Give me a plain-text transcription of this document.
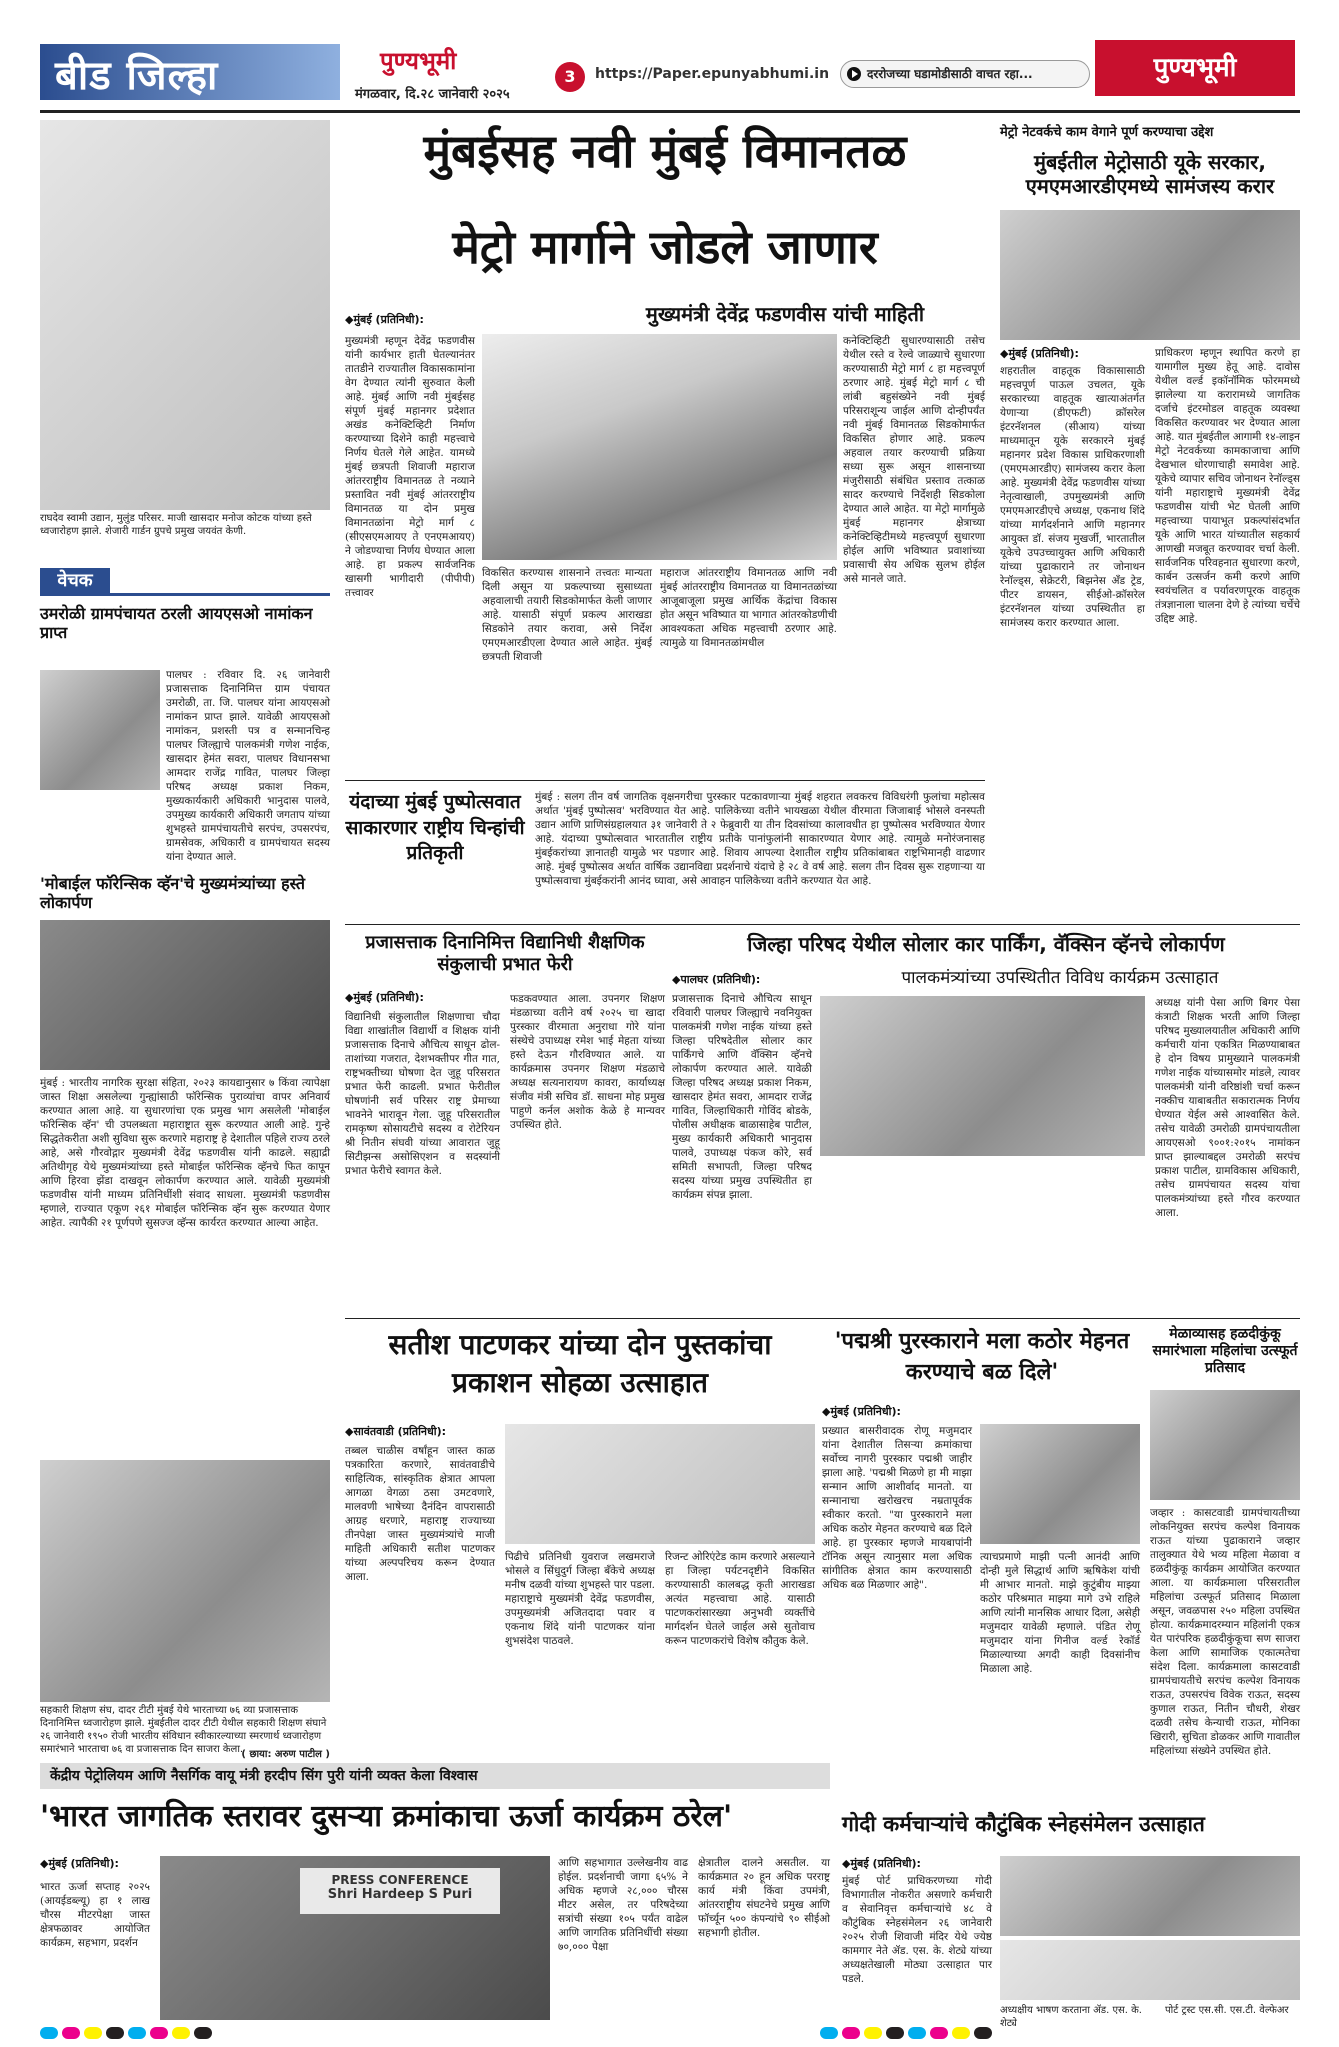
बीड जिल्हा	पुण्यभूमी
मंगळवार, दि.२८ जानेवारी २०२५
3	https://Paper.epunyabhumi.in	दररोजच्या घडामोडीसाठी वाचत रहा...	पुण्यभूमी
राघदेव स्वामी उद्यान, मुलुंड परिसर. माजी खासदार मनोज कोटक यांच्या हस्ते ध्वजारोहण झाले. शेजारी गार्डन ग्रुपचे प्रमुख जयवंत केणी.
वेचक
उमरोळी ग्रामपंचायत ठरली आयएसओ नामांकन प्राप्त
पालघर : रविवार दि. २६ जानेवारी प्रजासत्ताक दिनानिमित्त ग्राम पंचायत उमरोळी, ता. जि. पालघर यांना आयएसओ नामांकन प्राप्त झाले. यावेळी आयएसओ नामांकन, प्रशस्ती पत्र व सन्मानचिन्ह पालघर जिल्ह्याचे पालकमंत्री गणेश नाईक, खासदार हेमंत सवरा, पालघर विधानसभा आमदार राजेंद्र गावित, पालघर जिल्हा परिषद अध्यक्ष प्रकाश निकम, मुख्यकार्यकारी अधिकारी भानुदास पालवे, उपमुख्य कार्यकारी अधिकारी जगताप यांच्या शुभहस्ते ग्रामपंचायतीचे सरपंच, उपसरपंच, ग्रामसेवक, अधिकारी व ग्रामपंचायत सदस्य यांना देण्यात आले.
'मोबाईल फॉरेन्सिक व्हॅन'चे मुख्यमंत्र्यांच्या हस्ते लोकार्पण
मुंबई : भारतीय नागरिक सुरक्षा संहिता, २०२३ कायद्यानुसार ७ किंवा त्यापेक्षा जास्त शिक्षा असलेल्या गुन्ह्यांसाठी फॉरेन्सिक पुराव्यांचा वापर अनिवार्य करण्यात आला आहे. या सुधारणांचा एक प्रमुख भाग असलेली 'मोबाईल फॉरेन्सिक व्हॅन' ची उपलब्धता महाराष्ट्रात सुरू करण्यात आली आहे. गुन्हे सिद्धतेकरीता अशी सुविधा सुरू करणारे महाराष्ट्र हे देशातील पहिले राज्य ठरले आहे, असे गौरवोद्गार मुख्यमंत्री देवेंद्र फडणवीस यांनी काढले. सह्याद्री अतिथीगृह येथे मुख्यमंत्र्यांच्या हस्ते मोबाईल फॉरेन्सिक व्हॅनचे फित कापून आणि हिरवा झेंडा दाखवून लोकार्पण करण्यात आले. यावेळी मुख्यमंत्री फडणवीस यांनी माध्यम प्रतिनिधींशी संवाद साधला. मुख्यमंत्री फडणवीस म्हणाले, राज्यात एकूण २६१ मोबाईल फॉरेन्सिक व्हॅन सुरू करण्यात येणार आहेत. त्यापैकी २१ पूर्णपणे सुसज्ज व्हॅन्स कार्यरत करण्यात आल्या आहेत.
सहकारी शिक्षण संघ, दादर टीटी मुंबई येथे भारताच्या ७६ व्या प्रजासत्ताक दिनानिमित्त ध्वजारोहण झाले. मुंबईतील दादर टीटी येथील सहकारी शिक्षण संघाने २६ जानेवारी १९५० रोजी भारतीय संविधान स्वीकारल्याच्या स्मरणार्थ ध्वजारोहण समारंभाने भारताचा ७६ वा प्रजासत्ताक दिन साजरा केला.
( छाया: अरुण पाटील )
मुंबईसह नवी मुंबई विमानतळ
मेट्रो मार्गाने जोडले जाणार
◆ मुंबई (प्रतिनिधी):	मुख्यमंत्री देवेंद्र फडणवीस यांची माहिती
मुख्यमंत्री म्हणून देवेंद्र फडणवीस यांनी कार्यभार हाती घेतल्यानंतर तातडीने राज्यातील विकासकामांना वेग देण्यात त्यांनी सुरुवात केली आहे. मुंबई आणि नवी मुंबईसह संपूर्ण मुंबई महानगर प्रदेशात अखंड कनेक्टिव्हिटी निर्माण करण्याच्या दिशेने काही महत्त्वाचे निर्णय घेतले गेले आहेत. यामध्ये मुंबई छत्रपती शिवाजी महाराज आंतरराष्ट्रीय विमानतळ ते नव्याने प्रस्तावित नवी मुंबई आंतरराष्ट्रीय विमानतळ या दोन प्रमुख विमानतळांना मेट्रो मार्ग ८ (सीएसएमआयए ते एनएमआयए) ने जोडण्याचा निर्णय घेण्यात आला आहे. हा प्रकल्प सार्वजनिक खासगी भागीदारी (पीपीपी) तत्त्वावर
विकसित करण्यास शासनाने तत्त्वतः मान्यता दिली असून या प्रकल्पाच्या सुसाध्यता अहवालाची तयारी सिडकोमार्फत केली जाणार आहे. यासाठी संपूर्ण प्रकल्प आराखडा सिडकोने तयार करावा, असे निर्देश एमएमआरडीएला देण्यात आले आहेत. मुंबई छत्रपती शिवाजी
महाराज आंतरराष्ट्रीय विमानतळ आणि नवी मुंबई आंतरराष्ट्रीय विमानतळ या विमानतळांच्या आजूबाजूला प्रमुख आर्थिक केंद्रांचा विकास होत असून भविष्यात या भागात आंतरकोडणीची आवश्यकता अधिक महत्त्वाची ठरणार आहे. त्यामुळे या विमानतळांमधील
कनेक्टिव्हिटी सुधारण्यासाठी तसेच येथील रस्ते व रेल्वे जाळ्याचे सुधारणा करण्यासाठी मेट्रो मार्ग ८ हा महत्त्वपूर्ण ठरणार आहे. मुंबई मेट्रो मार्ग ८ ची लांबी बहुसंख्येने नवी मुंबई परिसराशून्य जाईल आणि दोन्हीपर्यंत नवी मुंबई विमानतळ सिडकोमार्फत विकसित होणार आहे. प्रकल्प अहवाल तयार करण्याची प्रक्रिया सध्या सुरू असून शासनाच्या मंजुरीसाठी संबंधित प्रस्ताव तत्काळ सादर करण्याचे निर्देशही सिडकोला देण्यात आले आहेत. या मेट्रो मार्गामुळे मुंबई महानगर क्षेत्राच्या कनेक्टिव्हिटीमध्ये महत्त्वपूर्ण सुधारणा होईल आणि भविष्यात प्रवाशांच्या प्रवासाची सेय अधिक सुलभ होईल असे मानले जाते.
मेट्रो नेटवर्कचे काम वेगाने पूर्ण करण्याचा उद्देश
मुंबईतील मेट्रोसाठी यूके सरकार, एमएमआरडीएमध्ये सामंजस्य करार
◆ मुंबई (प्रतिनिधी):
शहरातील वाहतूक विकासासाठी महत्त्वपूर्ण पाऊल उचलत, यूके सरकारच्या वाहतूक खात्याअंतर्गत येणाऱ्या (डीएफटी) क्रॉसरेल इंटरनॅशनल (सीआय) यांच्या माध्यमातून यूके सरकारने मुंबई महानगर प्रदेश विकास प्राधिकरणाशी (एमएमआरडीए) सामंजस्य करार केला आहे. मुख्यमंत्री देवेंद्र फडणवीस यांच्या नेतृत्वाखाली, उपमुख्यमंत्री आणि एमएमआरडीएचे अध्यक्ष, एकनाथ शिंदे यांच्या मार्गदर्शनाने आणि महानगर आयुक्त डॉ. संजय मुखर्जी, भारतातील यूकेचे उपउच्चायुक्त आणि अधिकारी यांच्या पुढाकाराने तर जोनाथन रेनॉल्ड्स, सेक्रेटरी, बिझनेस अँड ट्रेड, पीटर डायसन, सीईओ-क्रॉसरेल इंटरनॅशनल यांच्या उपस्थितीत हा सामंजस्य करार करण्यात आला.
प्राधिकरण म्हणून स्थापित करणे हा यामागील मुख्य हेतू आहे. दावोस येथील वर्ल्ड इकॉनॉमिक फोरममध्ये झालेल्या या करारामध्ये जागतिक दर्जाचे इंटरमोडल वाहतूक व्यवस्था विकसित करण्यावर भर देण्यात आला आहे. यात मुंबईतील आगामी १४-लाइन मेट्रो नेटवर्कच्या कामकाजाचा आणि देखभाल धोरणाचाही समावेश आहे. यूकेचे व्यापार सचिव जोनाथन रेनॉल्ड्स यांनी महाराष्ट्राचे मुख्यमंत्री देवेंद्र फडणवीस यांची भेट घेतली आणि महत्त्वाच्या पायाभूत प्रकल्पांसंदर्भात यूके आणि भारत यांच्यातील सहकार्य आणखी मजबूत करण्यावर चर्चा केली. सार्वजनिक परिवहनात सुधारणा करणे, कार्बन उत्सर्जन कमी करणे आणि स्वयंचलित व पर्यावरणपूरक वाहतूक तंत्रज्ञानाला चालना देणे हे त्यांच्या चर्चेचे उद्दिष्ट आहे.
यंदाच्या मुंबई पुष्पोत्सवात साकारणार राष्ट्रीय चिन्हांची प्रतिकृती
मुंबई : सलग तीन वर्ष जागतिक वृक्षनगरीचा पुरस्कार पटकावणाऱ्या मुंबई शहरात लवकरच विविधरंगी फुलांचा महोत्सव अर्थात 'मुंबई पुष्पोत्सव' भरविण्यात येत आहे. पालिकेच्या वतीने भायखळा येथील वीरमाता जिजाबाई भोसले वनस्पती उद्यान आणि प्राणिसंग्रहालयात ३१ जानेवारी ते २ फेब्रुवारी या तीन दिवसांच्या कालावधीत हा पुष्पोत्सव भरविण्यात येणार आहे. यंदाच्या पुष्पोत्सवात भारतातील राष्ट्रीय प्रतीके पानांफुलांनी साकारण्यात येणार आहे. त्यामुळे मनोरंजनासह मुंबईकरांच्या ज्ञानातही यामुळे भर पडणार आहे. शिवाय आपल्या देशातील राष्ट्रीय प्रतिकांबाबत राष्ट्रभिमानही वाढणार आहे. मुंबई पुष्पोत्सव अर्थात वार्षिक उद्यानविद्या प्रदर्शनाचे यंदाचे हे २८ वे वर्ष आहे. सलग तीन दिवस सुरू राहणाऱ्या या पुष्पोत्सवाचा मुंबईकरांनी आनंद घ्यावा, असे आवाहन पालिकेच्या वतीने करण्यात येत आहे.
प्रजासत्ताक दिनानिमित्त विद्यानिधी शैक्षणिक संकुलाची प्रभात फेरी
◆ मुंबई (प्रतिनिधी):
विद्यानिधी संकुलातील शिक्षणाचा चौदा विद्या शाखांतील विद्यार्थी व शिक्षक यांनी प्रजासत्ताक दिनाचे औचित्य साधून ढोल-ताशांच्या गजरात, देशभक्तीपर गीत गात, राष्ट्रभक्तीच्या घोषणा देत जुहू परिसरात प्रभात फेरी काढली. प्रभात फेरीतील घोषणांनी सर्व परिसर राष्ट्र प्रेमाच्या भावनेने भारावून गेला. जुहू परिसरातील रामकृष्ण सोसायटीचे सदस्य व रोटेरियन श्री नितीन संघवी यांच्या आवारात जुहू सिटीझन्स असोसिएशन व सदस्यांनी प्रभात फेरीचे स्वागत केले.
फडकवण्यात आला. उपनगर शिक्षण मंडळाच्या वतीने वर्ष २०२५ चा खादा पुरस्कार वीरमाता अनुराधा गोरे यांना संस्थेचे उपाध्यक्ष रमेश भाई मेहता यांच्या हस्ते देऊन गौरविण्यात आले. या कार्यक्रमास उपनगर शिक्षण मंडळाचे अध्यक्ष सत्यनारायण कावरा, कार्याध्यक्ष संजीव मंत्री सचिव डॉ. साधना मोह प्रमुख पाहुणे कर्नल अशोक केळे हे मान्यवर उपस्थित होते.
जिल्हा परिषद येथील सोलार कार पार्किंग, वॅक्सिन व्हॅनचे लोकार्पण
◆ पालघर (प्रतिनिधी):	पालकमंत्र्यांच्या उपस्थितीत विविध कार्यक्रम उत्साहात
प्रजासत्ताक दिनाचे औचित्य साधून रविवारी पालघर जिल्ह्याचे नवनियुक्त पालकमंत्री गणेश नाईक यांच्या हस्ते जिल्हा परिषदेतील सोलार कार पार्किंगचे आणि वॅक्सिन व्हॅनचे लोकार्पण करण्यात आले. यावेळी जिल्हा परिषद अध्यक्ष प्रकाश निकम, खासदार हेमंत सवरा, आमदार राजेंद्र गावित, जिल्हाधिकारी गोविंद बोडके, पोलीस अधीक्षक बाळासाहेब पाटील, मुख्य कार्यकारी अधिकारी भानुदास पालवे, उपाध्यक्ष पंकज कोरे, सर्व समिती सभापती, जिल्हा परिषद सदस्य यांच्या प्रमुख उपस्थितीत हा कार्यक्रम संपन्न झाला.
अध्यक्ष यांनी पेसा आणि बिगर पेसा कंत्राटी शिक्षक भरती आणि जिल्हा परिषद मुख्यालयातील अधिकारी आणि कर्मचारी यांना एकत्रित मिळण्याबाबत हे दोन विषय प्रामुख्याने पालकमंत्री गणेश नाईक यांच्यासमोर मांडले, त्यावर पालकमंत्री यांनी वरिष्ठांशी चर्चा करून नक्कीच याबाबतीत सकारात्मक निर्णय घेण्यात येईल असे आश्वासित केले. तसेच यावेळी उमरोळी ग्रामपंचायतीला आयएसओ ९००१:२०१५ नामांकन प्राप्त झाल्याबद्दल उमरोळी सरपंच प्रकाश पाटील, ग्रामविकास अधिकारी, तसेच ग्रामपंचायत सदस्य यांचा पालकमंत्र्यांच्या हस्ते गौरव करण्यात आला.
सतीश पाटणकर यांच्या दोन पुस्तकांचा प्रकाशन सोहळा उत्साहात
◆ सावंतवाडी (प्रतिनिधी):
तब्बल चाळीस वर्षांहून जास्त काळ पत्रकारिता करणारे, सावंतवाडीचे साहित्यिक, सांस्कृतिक क्षेत्रात आपला आगळा वेगळा ठसा उमटवणारे, मालवणी भाषेच्या दैनंदिन वापरासाठी आग्रह धरणारे, महाराष्ट्र राज्याच्या तीनपेक्षा जास्त मुख्यमंत्र्यांचे माजी माहिती अधिकारी सतीश पाटणकर यांच्या अल्पपरिचय करून देण्यात आला.
पिढीचे प्रतिनिधी युवराज लखमराजे भोसले व सिंधुदुर्ग जिल्हा बँकेचे अध्यक्ष मनीष दळवी यांच्या शुभहस्ते पार पडला. महाराष्ट्राचे मुख्यमंत्री देवेंद्र फडणवीस, उपमुख्यमंत्री अजितदादा पवार व एकनाथ शिंदे यांनी पाटणकर यांना शुभसंदेश पाठवले.
रिजन्ट ओरिएंटेड काम करणारे असल्याने हा जिल्हा पर्यटनदृष्टीने विकसित करण्यासाठी कालबद्ध कृती आराखडा अत्यंत महत्त्वाचा आहे. यासाठी पाटणकरांसारख्या अनुभवी व्यक्तींचे मार्गदर्शन घेतले जाईल असे सुतोवाच करून पाटणकरांचे विशेष कौतुक केले.
'पद्मश्री पुरस्काराने मला कठोर मेहनत करण्याचे बळ दिले'
◆ मुंबई (प्रतिनिधी):
प्रख्यात बासरीवादक रोणू मजुमदार यांना देशातील तिसऱ्या क्रमांकाचा सर्वोच्च नागरी पुरस्कार पद्मश्री जाहीर झाला आहे. 'पद्मश्री मिळणे हा मी माझा सन्मान आणि आशीर्वाद मानतो. या सन्मानाचा खरोखरच नम्रतापूर्वक स्वीकार करतो. "या पुरस्काराने मला अधिक कठोर मेहनत करण्याचे बळ दिले आहे. हा पुरस्कार म्हणजे मायबापांनी टॉनिक असून त्यानुसार मला अधिक सांगीतिक क्षेत्रात काम करण्यासाठी अधिक बळ मिळणार आहे".
त्याचप्रमाणे माझी पत्नी आनंदी आणि दोन्ही मुले सिद्धार्थ आणि ऋषिकेश यांची मी आभार मानतो. माझे कुटुंबीय माझ्या कठोर परिश्रमात माझ्या मागे उभे राहिले आणि त्यांनी मानसिक आधार दिला, असेही मजुमदार यावेळी म्हणाले. पंडित रोणू मजुमदार यांना गिनीज वर्ल्ड रेकॉर्ड मिळाल्याच्या अगदी काही दिवसांनीच मिळाला आहे.
मेळाव्यासह हळदीकुंकू समारंभाला महिलांचा उत्स्फूर्त प्रतिसाद
जव्हार : कासटवाडी ग्रामपंचायतीच्या लोकनियुक्त सरपंच कल्पेश विनायक राऊत यांच्या पुढाकाराने जव्हार तालुक्यात येथे भव्य महिला मेळावा व हळदीकुंकू कार्यक्रम आयोजित करण्यात आला. या कार्यक्रमाला परिसरातील महिलांचा उत्स्फूर्त प्रतिसाद मिळाला असून, जवळपास २५० महिला उपस्थित होत्या. कार्यक्रमादरम्यान महिलांनी एकत्र येत पारंपरिक हळदीकुंकूचा सण साजरा केला आणि सामाजिक एकात्मतेचा संदेश दिला. कार्यक्रमाला कासटवाडी ग्रामपंचायतीचे सरपंच कल्पेश विनायक राऊत, उपसरपंच विवेक राऊत, सदस्य कुणाल राऊत, नितीन चौधरी, शेखर दळवी तसेच केन्याची राऊत, मोनिका खिरारी, सुचिता डोळकर आणि गावातील महिलांच्या संख्येने उपस्थित होते.
केंद्रीय पेट्रोलियम आणि नैसर्गिक वायू मंत्री हरदीप सिंग पुरी यांनी व्यक्त केला विश्वास
'भारत जागतिक स्तरावर दुसऱ्या क्रमांकाचा ऊर्जा कार्यक्रम ठरेल'
◆ मुंबई (प्रतिनिधी):
भारत ऊर्जा सप्ताह २०२५ (आयईडब्ल्यू) हा १ लाख चौरस मीटरपेक्षा जास्त क्षेत्रफळावर आयोजित कार्यक्रम, सहभाग, प्रदर्शन
PRESS CONFERENCE
Shri Hardeep S Puri
आणि सहभागात उल्लेखनीय वाढ होईल. प्रदर्शनाची जागा ६५% ने अधिक म्हणजे २८,००० चौरस मीटर असेल, तर परिषदेच्या सत्रांची संख्या १०५ पर्यंत वाढेल आणि जागतिक प्रतिनिधींची संख्या ७०,००० पेक्षा
क्षेत्रातील दालने असतील. या कार्यक्रमात २० हून अधिक परराष्ट्र कार्य मंत्री किंवा उपमंत्री, आंतरराष्ट्रीय संघटनेचे प्रमुख आणि फॉर्च्यून ५०० कंपन्यांचे ९० सीईओ सहभागी होतील.
गोदी कर्मचाऱ्यांचे कौटुंबिक स्नेहसंमेलन उत्साहात
◆ मुंबई (प्रतिनिधी):
मुंबई पोर्ट प्राधिकरणच्या गोदी विभागातील नोकरीत असणारे कर्मचारी व सेवानिवृत्त कर्मचाऱ्यांचे ४८ वे कौटुंबिक स्नेहसंमेलन २६ जानेवारी २०२५ रोजी शिवाजी मंदिर येथे ज्येष्ठ कामगार नेते ॲड. एस. के. शेट्ये यांच्या अध्यक्षतेखाली मोठ्या उत्साहात पार पडले.
अध्यक्षीय भाषण करताना ॲड. एस. के. शेट्ये
पोर्ट ट्रस्ट एस.सी. एस.टी. वेल्फेअर
